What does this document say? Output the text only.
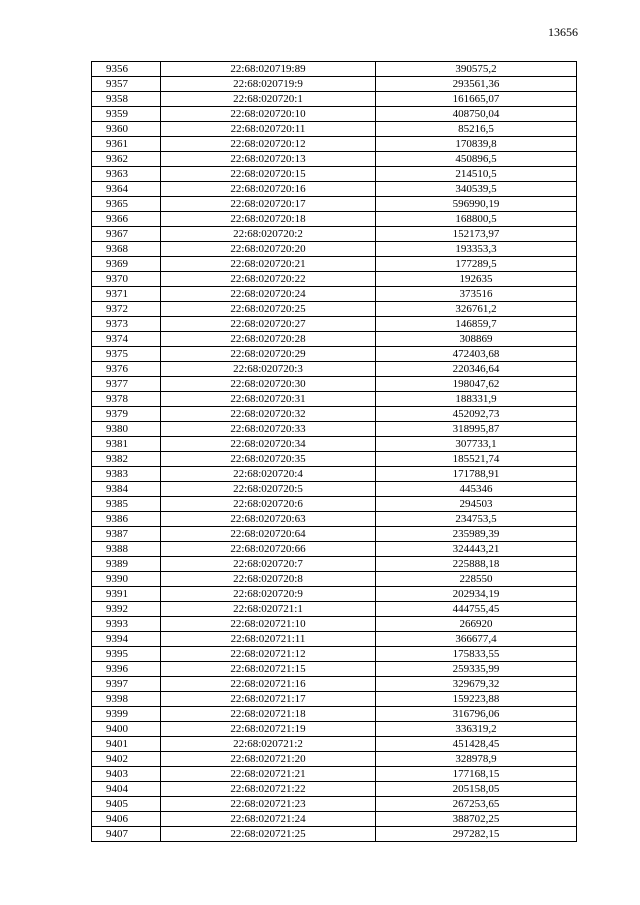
13656
9356	22:68:020719:89	390575,2
9357	22:68:020719:9	293561,36
9358	22:68:020720:1	161665,07
9359	22:68:020720:10	408750,04
9360	22:68:020720:11	85216,5
9361	22:68:020720:12	170839,8
9362	22:68:020720:13	450896,5
9363	22:68:020720:15	214510,5
9364	22:68:020720:16	340539,5
9365	22:68:020720:17	596990,19
9366	22:68:020720:18	168800,5
9367	22:68:020720:2	152173,97
9368	22:68:020720:20	193353,3
9369	22:68:020720:21	177289,5
9370	22:68:020720:22	192635
9371	22:68:020720:24	373516
9372	22:68:020720:25	326761,2
9373	22:68:020720:27	146859,7
9374	22:68:020720:28	308869
9375	22:68:020720:29	472403,68
9376	22:68:020720:3	220346,64
9377	22:68:020720:30	198047,62
9378	22:68:020720:31	188331,9
9379	22:68:020720:32	452092,73
9380	22:68:020720:33	318995,87
9381	22:68:020720:34	307733,1
9382	22:68:020720:35	185521,74
9383	22:68:020720:4	171788,91
9384	22:68:020720:5	445346
9385	22:68:020720:6	294503
9386	22:68:020720:63	234753,5
9387	22:68:020720:64	235989,39
9388	22:68:020720:66	324443,21
9389	22:68:020720:7	225888,18
9390	22:68:020720:8	228550
9391	22:68:020720:9	202934,19
9392	22:68:020721:1	444755,45
9393	22:68:020721:10	266920
9394	22:68:020721:11	366677,4
9395	22:68:020721:12	175833,55
9396	22:68:020721:15	259335,99
9397	22:68:020721:16	329679,32
9398	22:68:020721:17	159223,88
9399	22:68:020721:18	316796,06
9400	22:68:020721:19	336319,2
9401	22:68:020721:2	451428,45
9402	22:68:020721:20	328978,9
9403	22:68:020721:21	177168,15
9404	22:68:020721:22	205158,05
9405	22:68:020721:23	267253,65
9406	22:68:020721:24	388702,25
9407	22:68:020721:25	297282,15
